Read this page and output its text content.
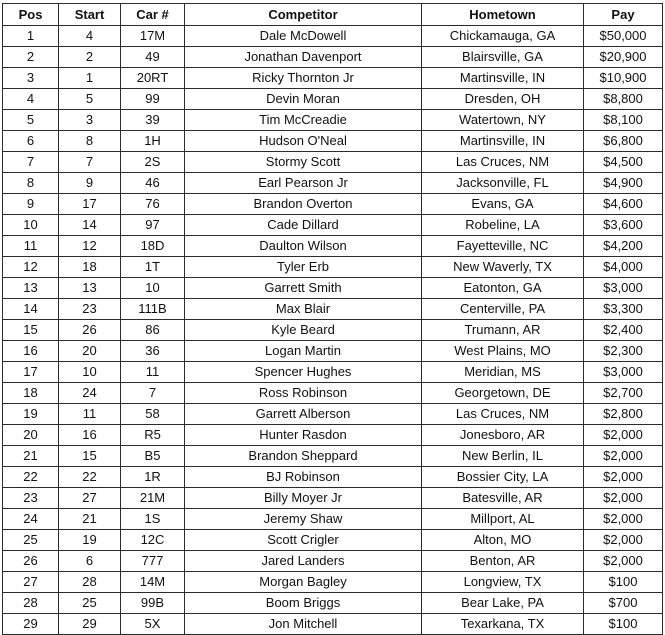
Pos	Start	Car #	Competitor	Hometown	Pay
1	4	17M	Dale McDowell	Chickamauga, GA	$50,000
2	2	49	Jonathan Davenport	Blairsville, GA	$20,900
3	1	20RT	Ricky Thornton Jr	Martinsville, IN	$10,900
4	5	99	Devin Moran	Dresden, OH	$8,800
5	3	39	Tim McCreadie	Watertown, NY	$8,100
6	8	1H	Hudson O'Neal	Martinsville, IN	$6,800
7	7	2S	Stormy Scott	Las Cruces, NM	$4,500
8	9	46	Earl Pearson Jr	Jacksonville, FL	$4,900
9	17	76	Brandon Overton	Evans, GA	$4,600
10	14	97	Cade Dillard	Robeline, LA	$3,600
11	12	18D	Daulton Wilson	Fayetteville, NC	$4,200
12	18	1T	Tyler Erb	New Waverly, TX	$4,000
13	13	10	Garrett Smith	Eatonton, GA	$3,000
14	23	111B	Max Blair	Centerville, PA	$3,300
15	26	86	Kyle Beard	Trumann, AR	$2,400
16	20	36	Logan Martin	West Plains, MO	$2,300
17	10	11	Spencer Hughes	Meridian, MS	$3,000
18	24	7	Ross Robinson	Georgetown, DE	$2,700
19	11	58	Garrett Alberson	Las Cruces, NM	$2,800
20	16	R5	Hunter Rasdon	Jonesboro, AR	$2,000
21	15	B5	Brandon Sheppard	New Berlin, IL	$2,000
22	22	1R	BJ Robinson	Bossier City, LA	$2,000
23	27	21M	Billy Moyer Jr	Batesville, AR	$2,000
24	21	1S	Jeremy Shaw	Millport, AL	$2,000
25	19	12C	Scott Crigler	Alton, MO	$2,000
26	6	777	Jared Landers	Benton, AR	$2,000
27	28	14M	Morgan Bagley	Longview, TX	$100
28	25	99B	Boom Briggs	Bear Lake, PA	$700
29	29	5X	Jon Mitchell	Texarkana, TX	$100
